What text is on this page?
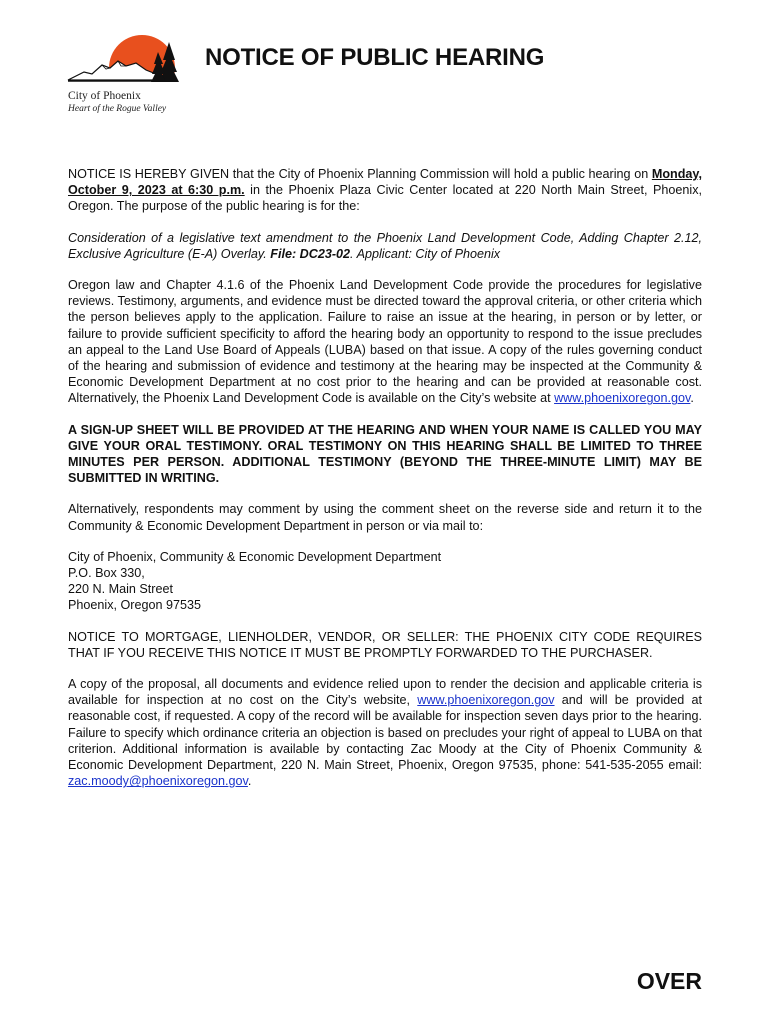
City of Phoenix
Heart of the Rogue Valley
NOTICE OF PUBLIC HEARING

NOTICE IS HEREBY GIVEN that the City of Phoenix Planning Commission will hold a public hearing on Monday, October 9, 2023 at 6:30 p.m. in the Phoenix Plaza Civic Center located at 220 North Main Street, Phoenix, Oregon. The purpose of the public hearing is for the:

Consideration of a legislative text amendment to the Phoenix Land Development Code, Adding Chapter 2.12, Exclusive Agriculture (E-A) Overlay. File: DC23-02. Applicant: City of Phoenix

Oregon law and Chapter 4.1.6 of the Phoenix Land Development Code provide the procedures for legislative reviews. Testimony, arguments, and evidence must be directed toward the approval criteria, or other criteria which the person believes apply to the application. Failure to raise an issue at the hearing, in person or by letter, or failure to provide sufficient specificity to afford the hearing body an opportunity to respond to the issue precludes an appeal to the Land Use Board of Appeals (LUBA) based on that issue. A copy of the rules governing conduct of the hearing and submission of evidence and testimony at the hearing may be inspected at the Community & Economic Development Department at no cost prior to the hearing and can be provided at reasonable cost. Alternatively, the Phoenix Land Development Code is available on the City’s website at www.phoenixoregon.gov.

A SIGN-UP SHEET WILL BE PROVIDED AT THE HEARING AND WHEN YOUR NAME IS CALLED YOU MAY GIVE YOUR ORAL TESTIMONY. ORAL TESTIMONY ON THIS HEARING SHALL BE LIMITED TO THREE MINUTES PER PERSON. ADDITIONAL TESTIMONY (BEYOND THE THREE-MINUTE LIMIT) MAY BE SUBMITTED IN WRITING.

Alternatively, respondents may comment by using the comment sheet on the reverse side and return it to the Community & Economic Development Department in person or via mail to:

City of Phoenix, Community & Economic Development Department
P.O. Box 330,
220 N. Main Street
Phoenix, Oregon 97535

NOTICE TO MORTGAGE, LIENHOLDER, VENDOR, OR SELLER: THE PHOENIX CITY CODE REQUIRES THAT IF YOU RECEIVE THIS NOTICE IT MUST BE PROMPTLY FORWARDED TO THE PURCHASER.

A copy of the proposal, all documents and evidence relied upon to render the decision and applicable criteria is available for inspection at no cost on the City’s website, www.phoenixoregon.gov and will be provided at reasonable cost, if requested. A copy of the record will be available for inspection seven days prior to the hearing. Failure to specify which ordinance criteria an objection is based on precludes your right of appeal to LUBA on that criterion. Additional information is available by contacting Zac Moody at the City of Phoenix Community & Economic Development Department, 220 N. Main Street, Phoenix, Oregon 97535, phone: 541-535-2055 email: zac.moody@phoenixoregon.gov.

OVER
